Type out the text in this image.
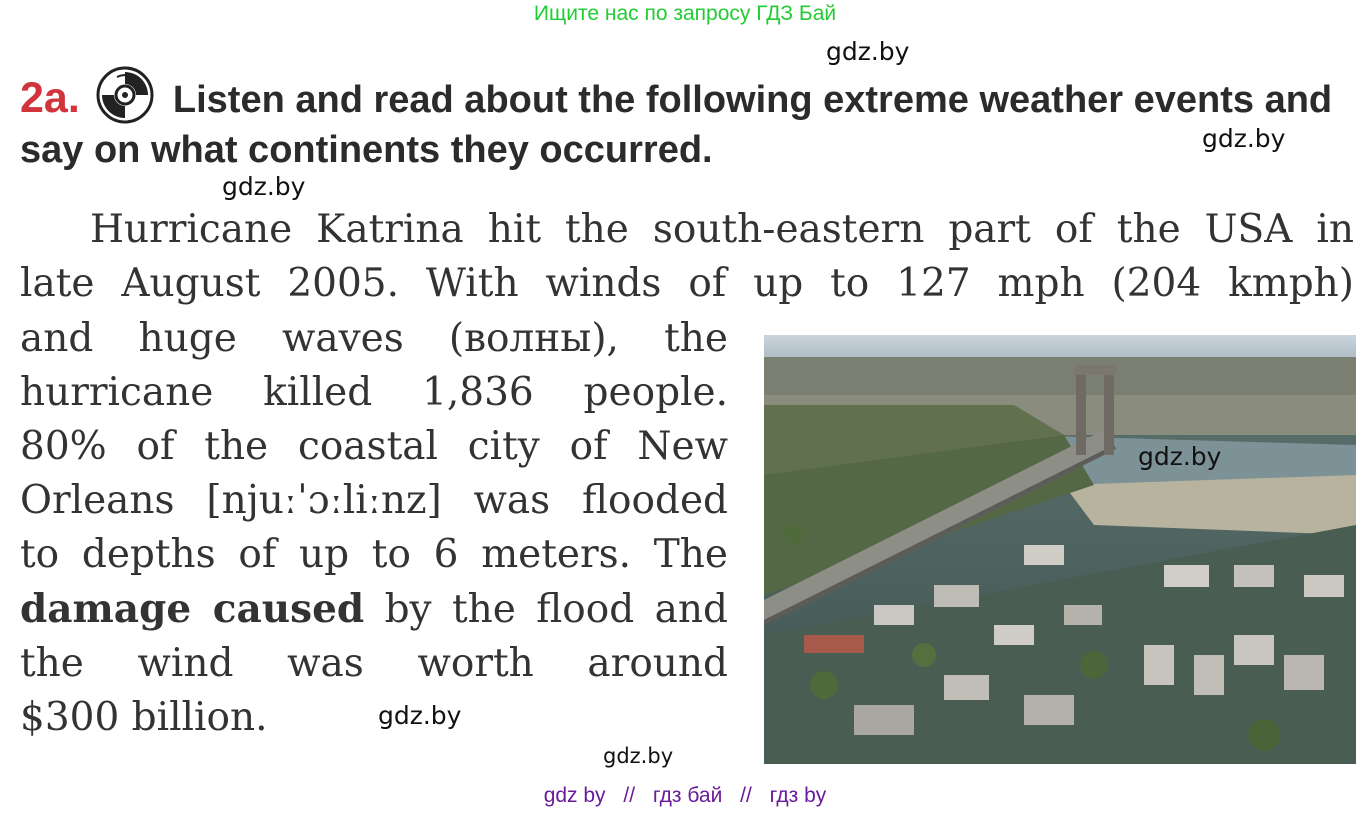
Ищите нас по запросу ГДЗ Бай
gdz.by
gdz.by
gdz.by
2a. Listen and read about the following extreme weather events and say on what continents they occurred.
Hurricane Katrina hit the south-eastern part of the USA in
late August 2005. With winds of up to 127 mph (204 kmph)
and huge waves (волны), the
hurricane killed 1,836 people.
80% of the coastal city of New
Orleans [njuːˈɔːliːnz] was flooded
to depths of up to 6 meters. The
damage caused by the flood and
the wind was worth around
$300 billion.	gdz.by
gdz.by
gdz.by
gdz by // гдз бай // гдз by
